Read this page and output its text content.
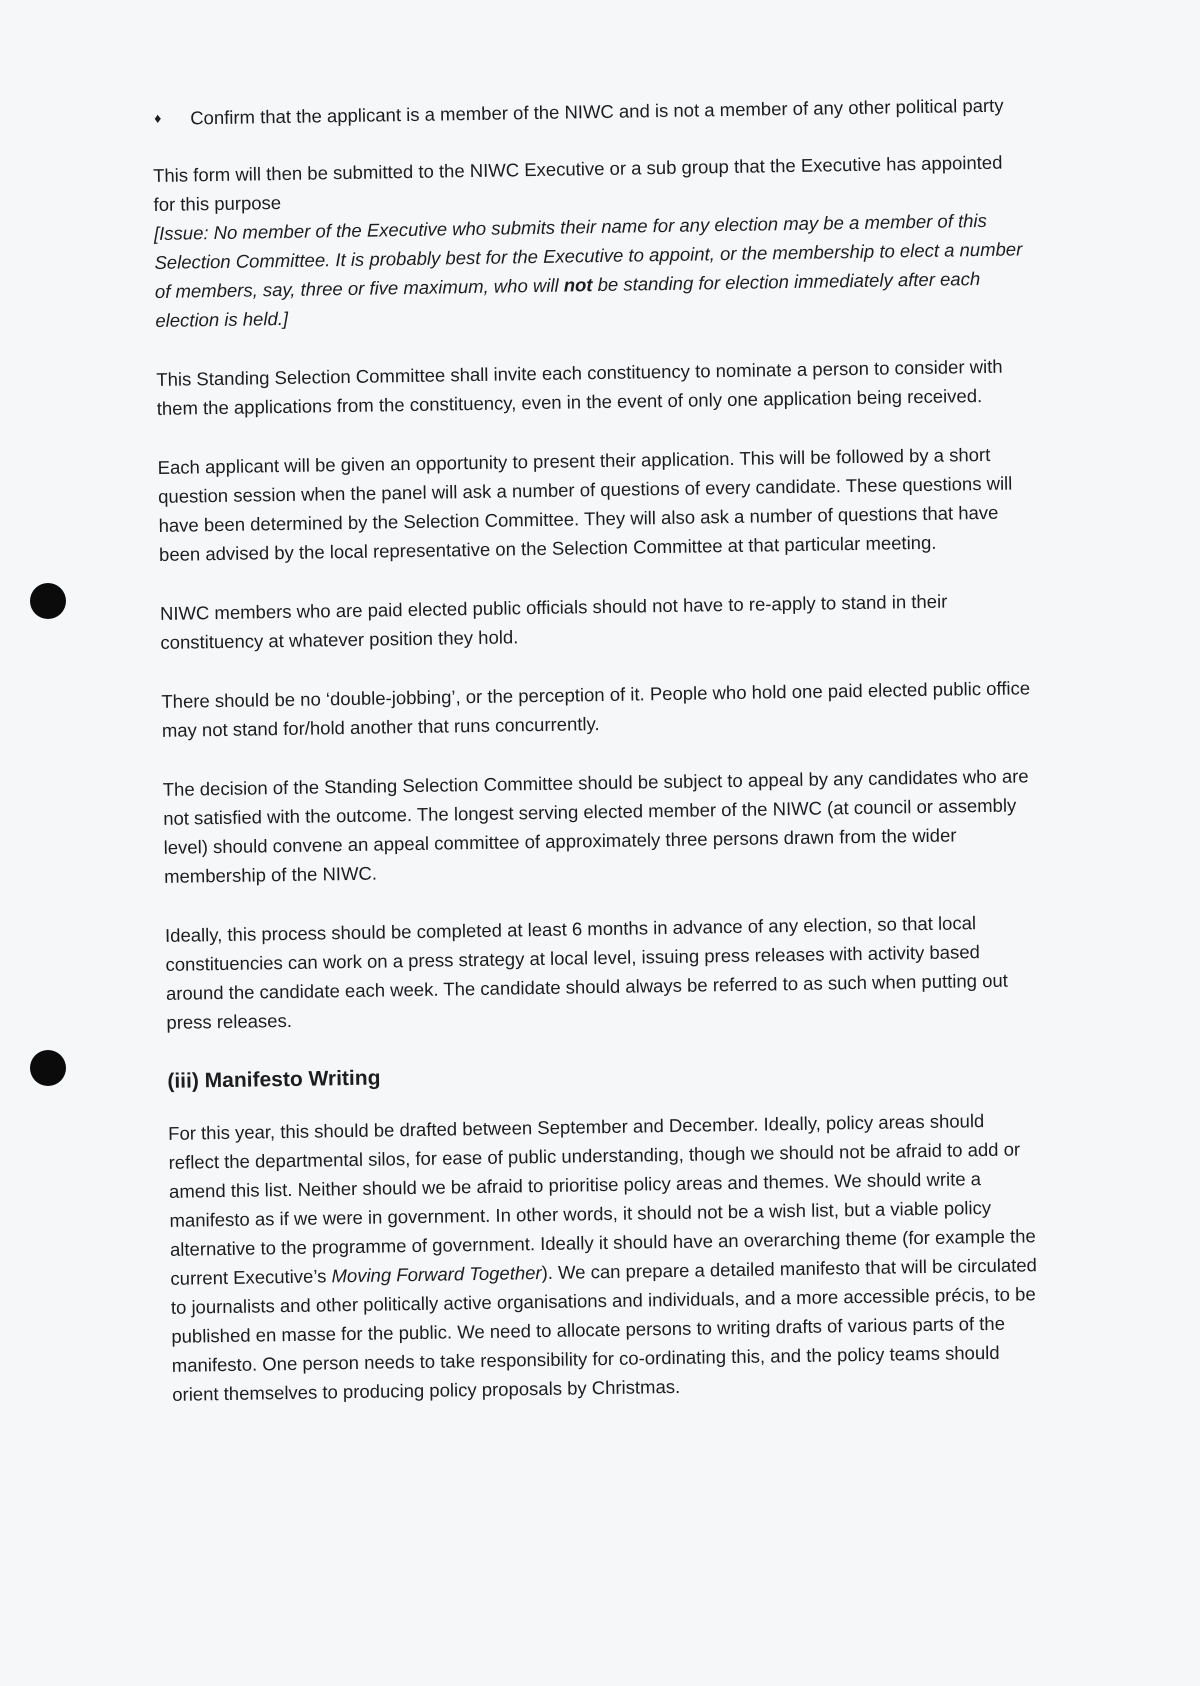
♦	Confirm that the applicant is a member of the NIWC and is not a member of any other political party

This form will then be submitted to the NIWC Executive or a sub group that the Executive has appointed for this purpose
[Issue: No member of the Executive who submits their name for any election may be a member of this Selection Committee. It is probably best for the Executive to appoint, or the membership to elect a number of members, say, three or five maximum, who will not be standing for election immediately after each election is held.]

This Standing Selection Committee shall invite each constituency to nominate a person to consider with them the applications from the constituency, even in the event of only one application being received.

Each applicant will be given an opportunity to present their application. This will be followed by a short question session when the panel will ask a number of questions of every candidate. These questions will have been determined by the Selection Committee. They will also ask a number of questions that have been advised by the local representative on the Selection Committee at that particular meeting.

NIWC members who are paid elected public officials should not have to re-apply to stand in their constituency at whatever position they hold.

There should be no ‘double-jobbing’, or the perception of it. People who hold one paid elected public office may not stand for/hold another that runs concurrently.

The decision of the Standing Selection Committee should be subject to appeal by any candidates who are not satisfied with the outcome. The longest serving elected member of the NIWC (at council or assembly level) should convene an appeal committee of approximately three persons drawn from the wider membership of the NIWC.

Ideally, this process should be completed at least 6 months in advance of any election, so that local constituencies can work on a press strategy at local level, issuing press releases with activity based around the candidate each week. The candidate should always be referred to as such when putting out press releases.

(iii) Manifesto Writing

For this year, this should be drafted between September and December. Ideally, policy areas should reflect the departmental silos, for ease of public understanding, though we should not be afraid to add or amend this list. Neither should we be afraid to prioritise policy areas and themes. We should write a manifesto as if we were in government. In other words, it should not be a wish list, but a viable policy alternative to the programme of government. Ideally it should have an overarching theme (for example the current Executive’s Moving Forward Together). We can prepare a detailed manifesto that will be circulated to journalists and other politically active organisations and individuals, and a more accessible précis, to be published en masse for the public. We need to allocate persons to writing drafts of various parts of the manifesto. One person needs to take responsibility for co-ordinating this, and the policy teams should orient themselves to producing policy proposals by Christmas.
